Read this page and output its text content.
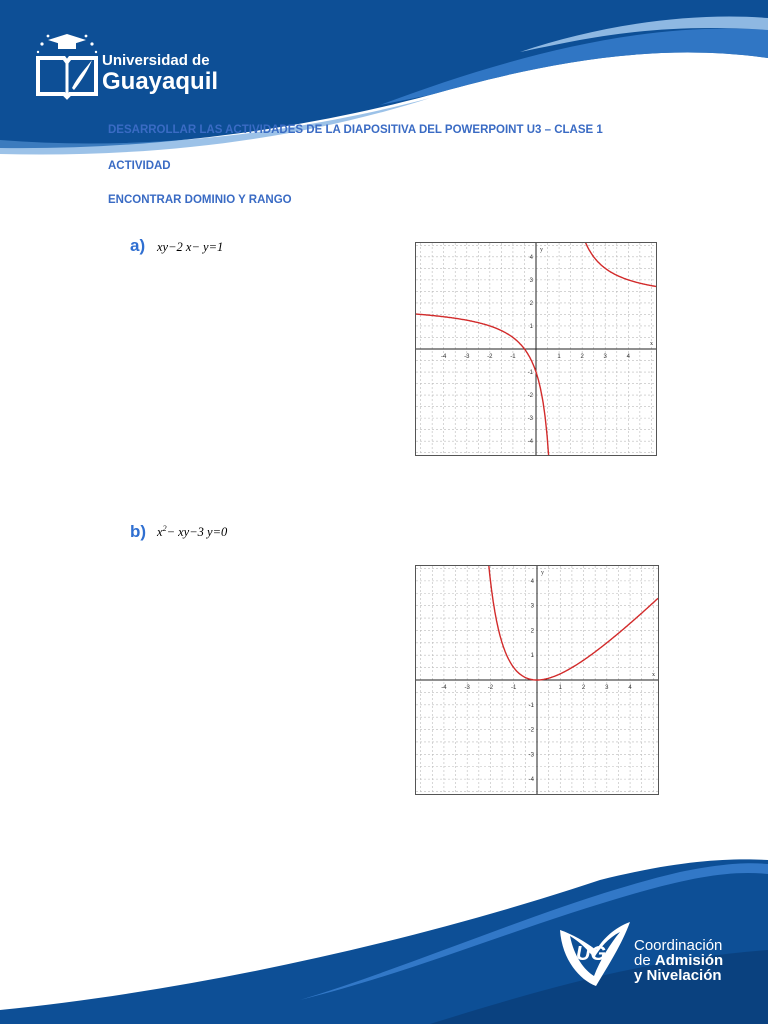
Universidad de
Guayaquil
DESARROLLAR LAS ACTIVIDADES DE LA DIAPOSITIVA DEL POWERPOINT U3 – CLASE 1
ACTIVIDAD
ENCONTRAR DOMINIO Y RANGO
a) xy−2 x− y=1
-4	-3	-2	-1	1	2	3	4
-4
-3
-2
-1
1
2
3
4
x
y
b) $x^2- xy-3$ y=0
-4	-3	-2	-1	1	2	3	4
-4
-3
-2
-1
1
2
3
4
x
y
UG Coordinación
de Admisión
y Nivelación
